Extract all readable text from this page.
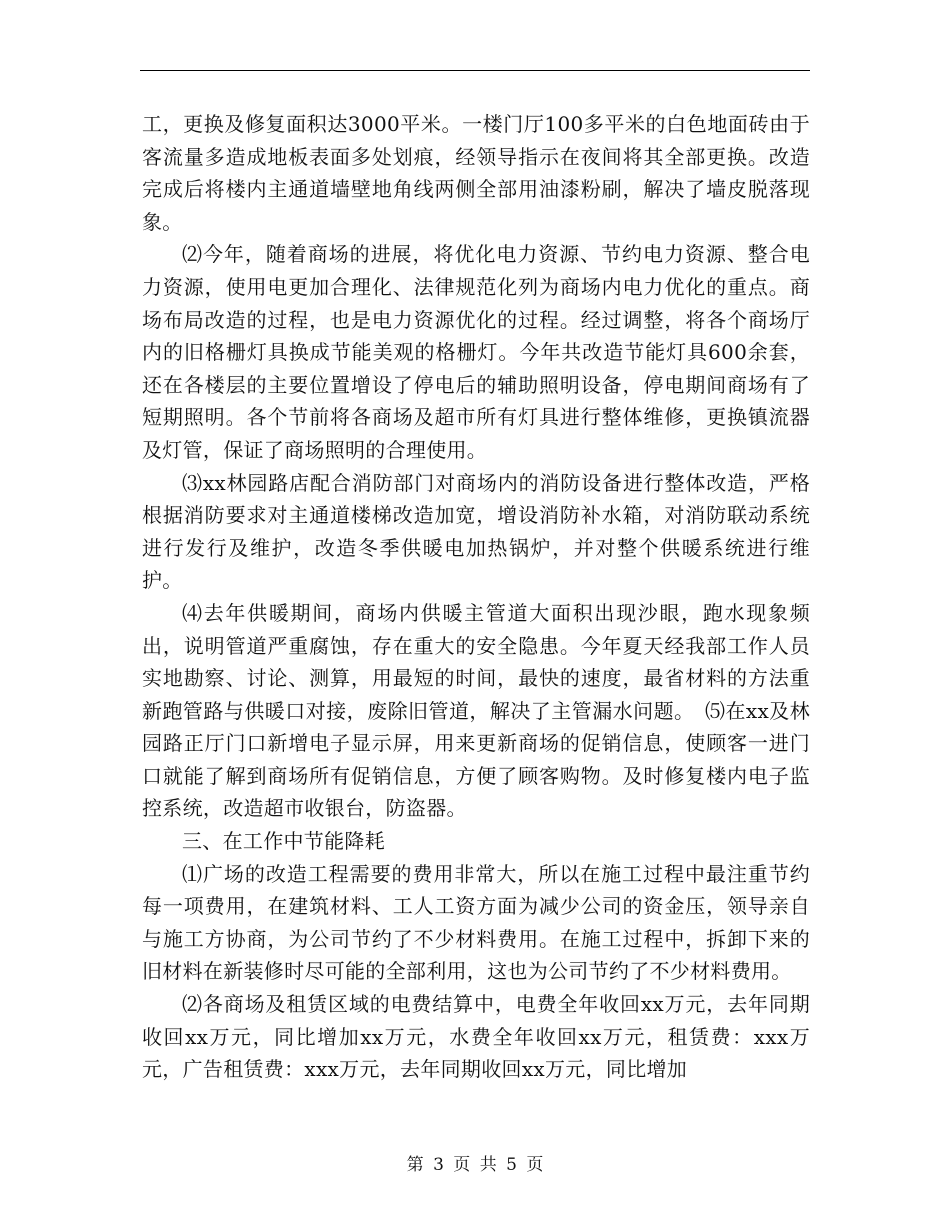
工，更换及修复面积达3000平米。一楼门厅100多平米的白色地面砖由于客流量多造成地板表面多处划痕，经领导指示在夜间将其全部更换。改造完成后将楼内主通道墙壁地角线两侧全部用油漆粉刷，解决了墙皮脱落现象。

⑵今年，随着商场的进展，将优化电力资源、节约电力资源、整合电力资源，使用电更加合理化、法律规范化列为商场内电力优化的重点。商场布局改造的过程，也是电力资源优化的过程。经过调整，将各个商场厅内的旧格栅灯具换成节能美观的格栅灯。今年共改造节能灯具600余套，还在各楼层的主要位置增设了停电后的辅助照明设备，停电期间商场有了短期照明。各个节前将各商场及超市所有灯具进行整体维修，更换镇流器及灯管，保证了商场照明的合理使用。

⑶xx林园路店配合消防部门对商场内的消防设备进行整体改造，严格根据消防要求对主通道楼梯改造加宽，增设消防补水箱，对消防联动系统进行发行及维护，改造冬季供暖电加热锅炉，并对整个供暖系统进行维护。

⑷去年供暖期间，商场内供暖主管道大面积出现沙眼，跑水现象频出，说明管道严重腐蚀，存在重大的安全隐患。今年夏天经我部工作人员实地勘察、讨论、测算，用最短的时间，最快的速度，最省材料的方法重新跑管路与供暖口对接，废除旧管道，解决了主管漏水问题。　⑸在xx及林园路正厅门口新增电子显示屏，用来更新商场的促销信息，使顾客一进门口就能了解到商场所有促销信息，方便了顾客购物。及时修复楼内电子监控系统，改造超市收银台，防盗器。

三、在工作中节能降耗

⑴广场的改造工程需要的费用非常大，所以在施工过程中最注重节约每一项费用，在建筑材料、工人工资方面为减少公司的资金压，领导亲自与施工方协商，为公司节约了不少材料费用。在施工过程中，拆卸下来的旧材料在新装修时尽可能的全部利用，这也为公司节约了不少材料费用。

⑵各商场及租赁区域的电费结算中，电费全年收回xx万元，去年同期收回xx万元，同比增加xx万元，水费全年收回xx万元，租赁费：xxx万元，广告租赁费：xxx万元，去年同期收回xx万元，同比增加

第 3 页 共 5 页
